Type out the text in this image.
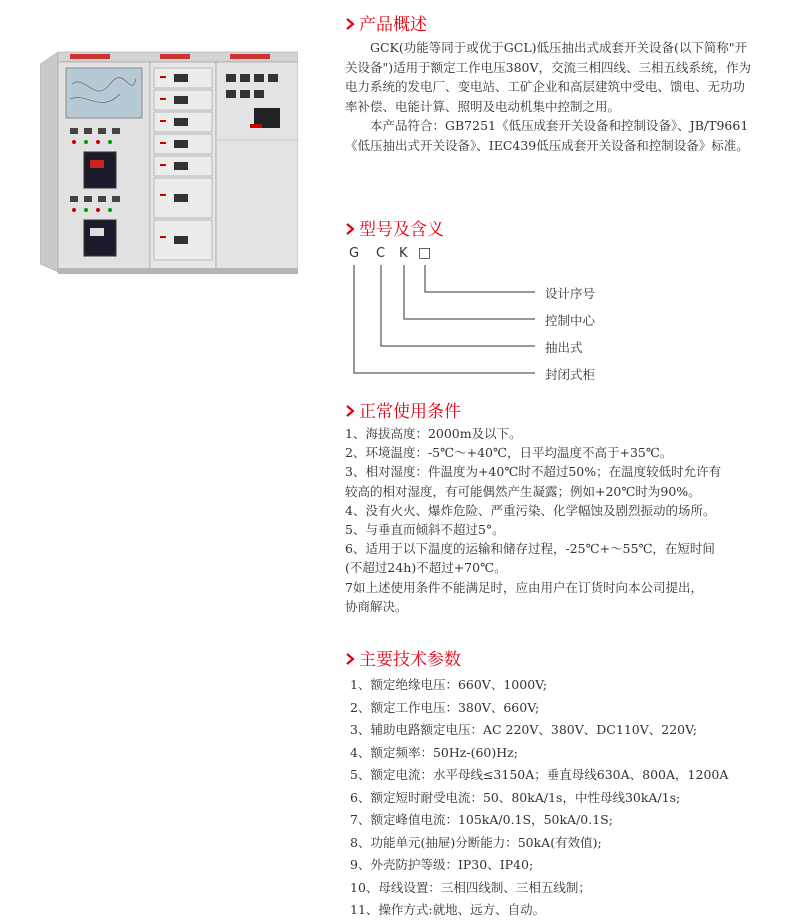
产品概述

GCK(功能等同于或优于GCL)低压抽出式成套开关设备(以下简称"开关设备")适用于额定工作电压380V，交流三相四线、三相五线系统，作为电力系统的发电厂、变电站、工矿企业和高层建筑中受电、馈电、无功功率补偿、电能计算、照明及电动机集中控制之用。

本产品符合：GB7251《低压成套开关设备和控制设备》、JB/T9661《低压抽出式开关设备》、IEC439低压成套开关设备和控制设备》标准。

型号及含义
G C K □
设计序号
控制中心
抽出式
封闭式柜
正常使用条件
1、海拔高度：2000m及以下。
2、环境温度：-5℃～+40℃，日平均温度不高于+35℃。
3、相对湿度：件温度为+40℃时不超过50%；在温度较低时允许有
较高的相对湿度，有可能偶然产生凝露；例如+20℃时为90%。
4、没有火火、爆炸危险、严重污染、化学幅蚀及剧烈振动的场所。
5、与垂直而倾斜不超过5°。
6、适用于以下温度的运输和储存过程，-25℃+～55℃，在短时间
(不超过24h)不超过+70℃。
7如上述使用条件不能满足时，应由用户在订货时向本公司提出，
协商解决。
主要技术参数
1、额定绝缘电压：660V、1000V;
2、额定工作电压：380V、660V;
3、辅助电路额定电压：AC 220V、380V、DC110V、220V;
4、额定频率：50Hz-(60)Hz;
5、额定电流：水平母线≤3150A；垂直母线630A、800A，1200A
6、额定短时耐受电流：50、80kA/1s，中性母线30kA/1s;
7、额定峰值电流：105kA/0.1S，50kA/0.1S;
8、功能单元(抽屉)分断能力：50kA(有效值);
9、外壳防护等级：IP30、IP40;
10、母线设置：三相四线制、三相五线制；
11、操作方式:就地、远方、自动。
